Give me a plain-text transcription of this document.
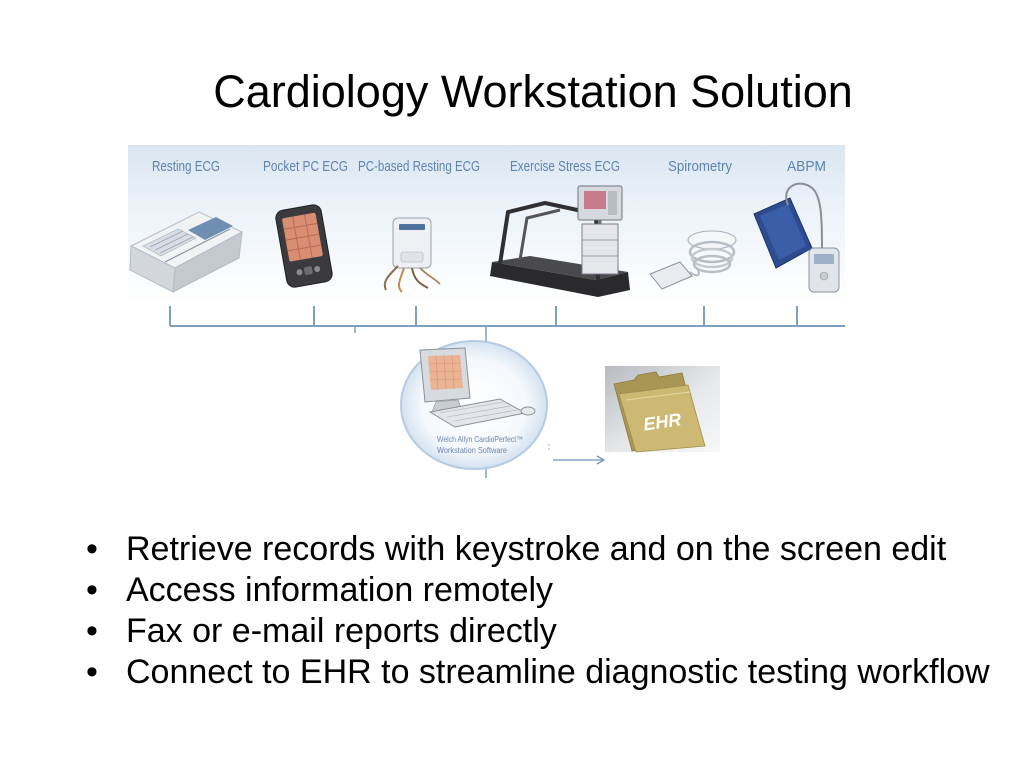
Cardiology Workstation Solution
Resting ECG	Pocket PC ECG PC-based Resting ECG Exercise Stress ECG	Spirometry	ABPM
Welch Allyn CardioPerfect™
Workstation Software
EHR
• Retrieve records with keystroke and on the screen edit
• Access information remotely
• Fax or e-mail reports directly
• Connect to EHR to streamline diagnostic testing workflow
